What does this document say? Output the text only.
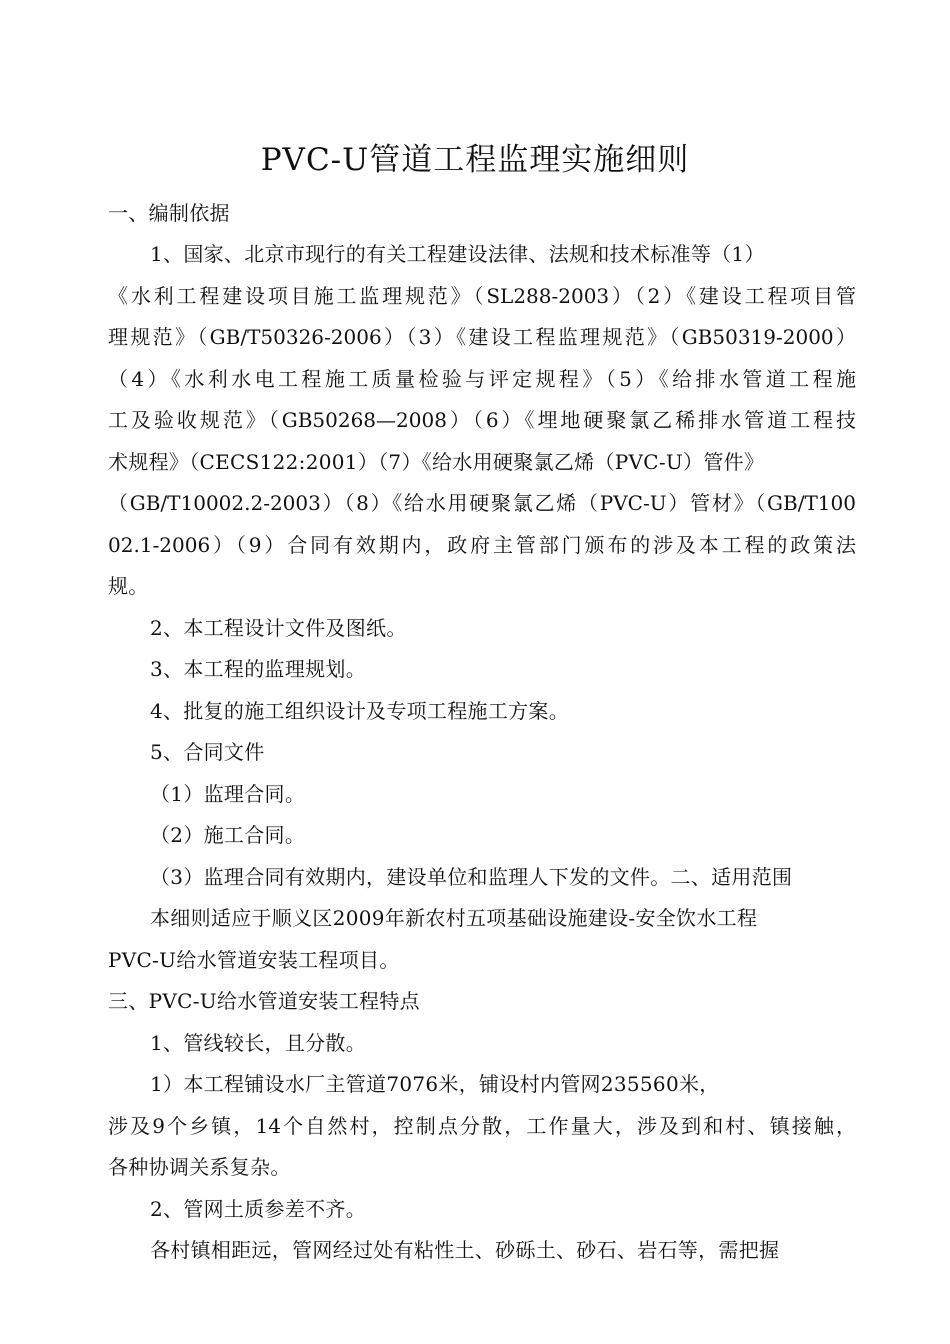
PVC-U管道工程监理实施细则
一、编制依据
1、国家、北京市现行的有关工程建设法律、法规和技术标准等（1）
《水利工程建设项目施工监理规范》（SL288-2003）（2）《建设工程项目管
理规范》（GB/T50326-2006）（3）《建设工程监理规范》（GB50319-2000）
（4）《水利水电工程施工质量检验与评定规程》（5）《给排水管道工程施
工及验收规范》（GB50268—2008）（6）《埋地硬聚氯乙稀排水管道工程技
术规程》（CECS122:2001）（7）《给水用硬聚氯乙烯（PVC-U）管件》
（GB/T10002.2-2003）（8）《给水用硬聚氯乙烯（PVC-U）管材》（GB/T100
02.1-2006）（9）合同有效期内，政府主管部门颁布的涉及本工程的政策法
规。
2、本工程设计文件及图纸。
3、本工程的监理规划。
4、批复的施工组织设计及专项工程施工方案。
5、合同文件
（1）监理合同。
（2）施工合同。
（3）监理合同有效期内，建设单位和监理人下发的文件。二、适用范围
本细则适应于顺义区2009年新农村五项基础设施建设-安全饮水工程
PVC-U给水管道安装工程项目。
三、PVC-U给水管道安装工程特点
1、管线较长，且分散。
1）本工程铺设水厂主管道7076米，铺设村内管网235560米，
涉及9个乡镇，14个自然村，控制点分散，工作量大，涉及到和村、镇接触，
各种协调关系复杂。
2、管网土质参差不齐。
各村镇相距远，管网经过处有粘性土、砂砾土、砂石、岩石等，需把握
